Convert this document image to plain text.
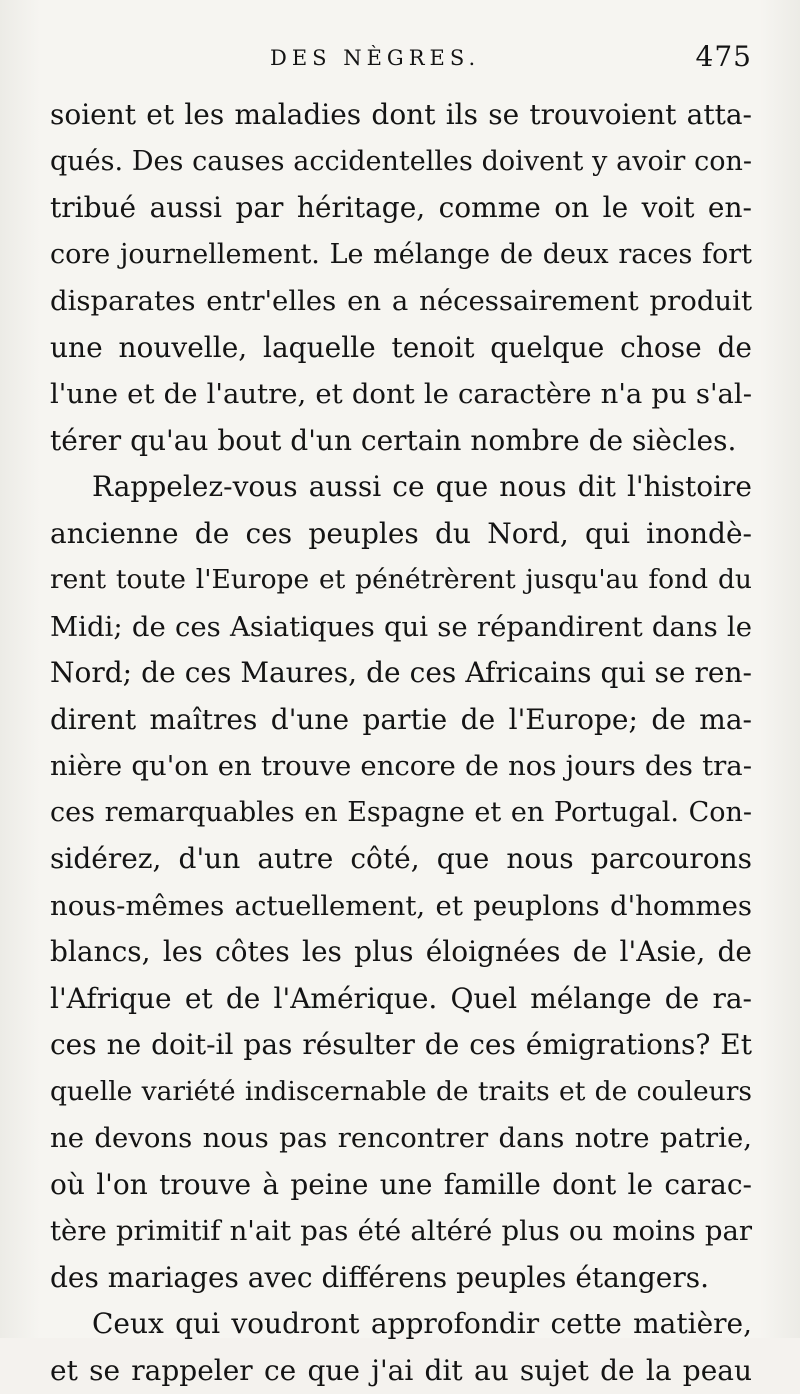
DES NÈGRES.	475
soient et les maladies dont ils se trouvoient atta-
qués. Des causes accidentelles doivent y avoir con-
tribué aussi par héritage, comme on le voit en-
core journellement. Le mélange de deux races fort
disparates entr'elles en a nécessairement produit
une nouvelle, laquelle tenoit quelque chose de
l'une et de l'autre, et dont le caractère n'a pu s'al-
térer qu'au bout d'un certain nombre de siècles.
Rappelez-vous aussi ce que nous dit l'histoire
ancienne de ces peuples du Nord, qui inondè-
rent toute l'Europe et pénétrèrent jusqu'au fond du
Midi; de ces Asiatiques qui se répandirent dans le
Nord; de ces Maures, de ces Africains qui se ren-
dirent maîtres d'une partie de l'Europe; de ma-
nière qu'on en trouve encore de nos jours des tra-
ces remarquables en Espagne et en Portugal. Con-
sidérez, d'un autre côté, que nous parcourons
nous-mêmes actuellement, et peuplons d'hommes
blancs, les côtes les plus éloignées de l'Asie, de
l'Afrique et de l'Amérique. Quel mélange de ra-
ces ne doit-il pas résulter de ces émigrations? Et
quelle variété indiscernable de traits et de couleurs
ne devons nous pas rencontrer dans notre patrie,
où l'on trouve à peine une famille dont le carac-
tère primitif n'ait pas été altéré plus ou moins par
des mariages avec différens peuples étangers.
Ceux qui voudront approfondir cette matière,
et se rappeler ce que j'ai dit au sujet de la peau
